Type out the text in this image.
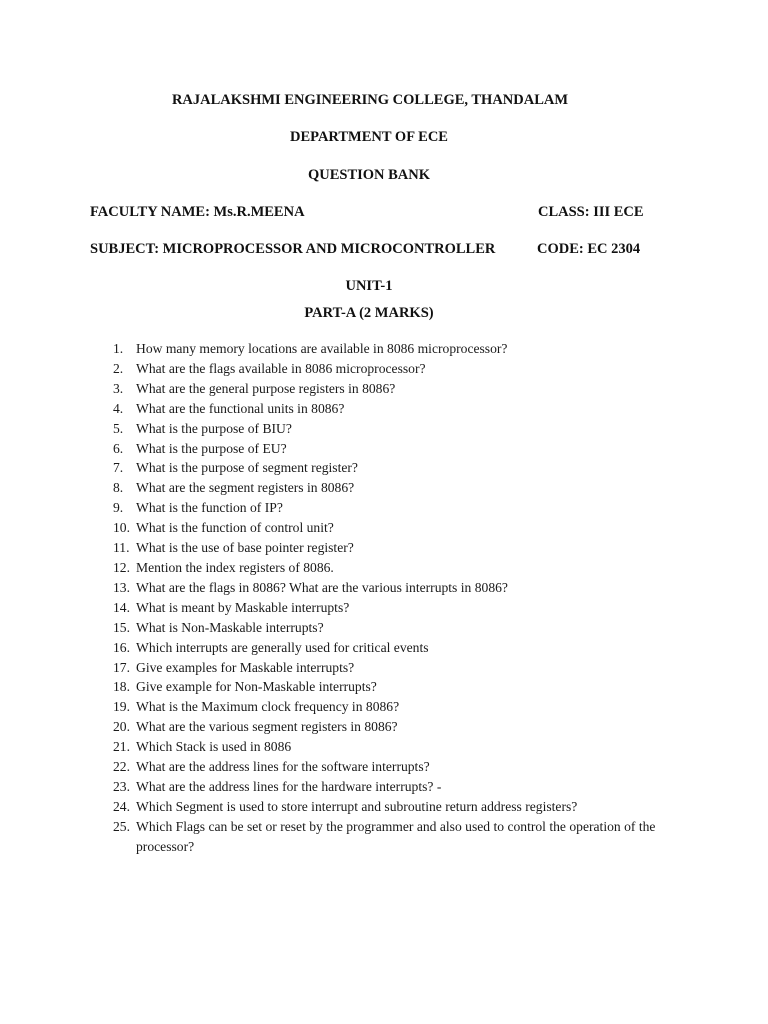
RAJALAKSHMI ENGINEERING COLLEGE, THANDALAM
DEPARTMENT OF ECE
QUESTION BANK
FACULTY NAME: Ms.R.MEENA	CLASS: III ECE
SUBJECT: MICROPROCESSOR AND MICROCONTROLLER	CODE: EC 2304
UNIT-1
PART-A (2 MARKS)
1. How many memory locations are available in 8086 microprocessor?
2. What are the flags available in 8086 microprocessor?
3. What are the general purpose registers in 8086?
4. What are the functional units in 8086?
5. What is the purpose of BIU?
6. What is the purpose of EU?
7. What is the purpose of segment register?
8. What are the segment registers in 8086?
9. What is the function of IP?
10. What is the function of control unit?
11. What is the use of base pointer register?
12. Mention the index registers of 8086.
13. What are the flags in 8086? What are the various interrupts in 8086?
14. What is meant by Maskable interrupts?
15. What is Non-Maskable interrupts?
16. Which interrupts are generally used for critical events
17. Give examples for Maskable interrupts?
18. Give example for Non-Maskable interrupts?
19. What is the Maximum clock frequency in 8086?
20. What are the various segment registers in 8086?
21. Which Stack is used in 8086
22. What are the address lines for the software interrupts?
23. What are the address lines for the hardware interrupts? -
24. Which Segment is used to store interrupt and subroutine return address registers?
25. Which Flags can be set or reset by the programmer and also used to control the operation of the processor?
